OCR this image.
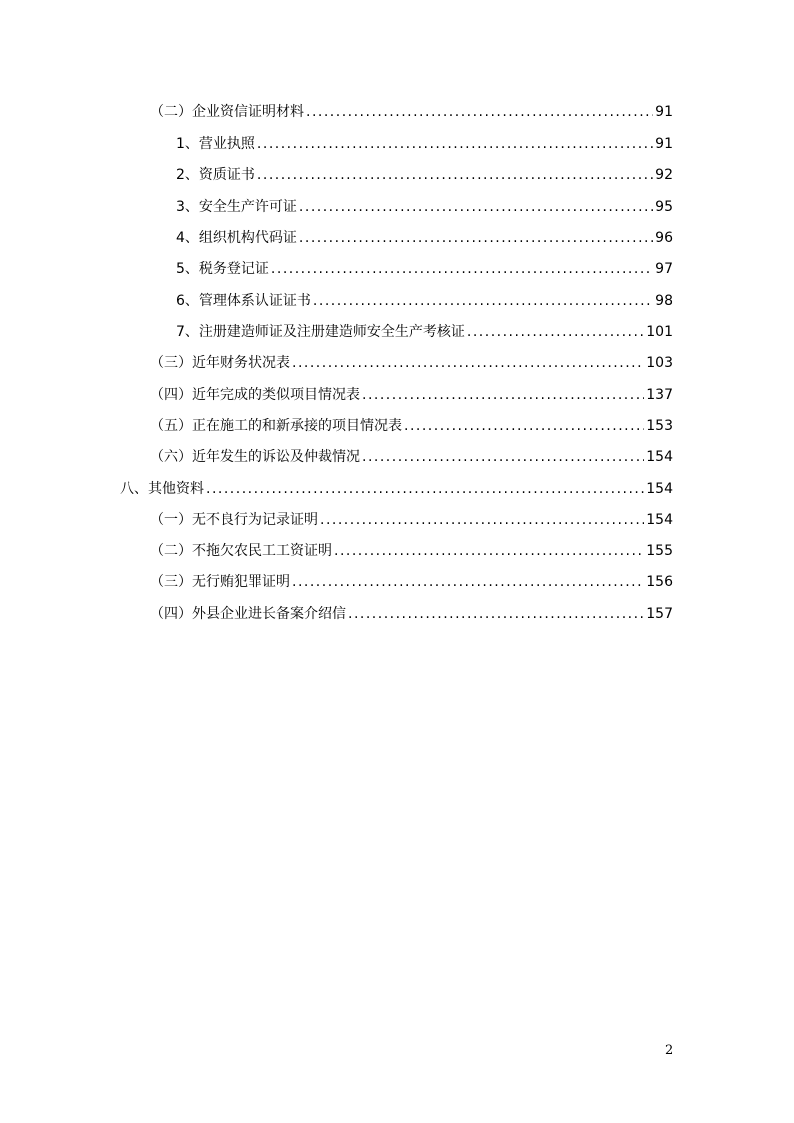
（二）企业资信证明材料 .....	91
1、营业执照 .....	91
2、资质证书 .....	92
3、安全生产许可证 .....	95
4、组织机构代码证 .....	96
5、税务登记证 .....	97
6、管理体系认证证书 .....	98
7、注册建造师证及注册建造师安全生产考核证 .....	101
（三）近年财务状况表 .....	103
（四）近年完成的类似项目情况表 .....	137
（五）正在施工的和新承接的项目情况表 .....	153
（六）近年发生的诉讼及仲裁情况 .....	154
八、其他资料 .....	154
（一）无不良行为记录证明 .....	154
（二）不拖欠农民工工资证明 .....	155
（三）无行贿犯罪证明 .....	156
（四）外县企业进长备案介绍信 .....	157
2
